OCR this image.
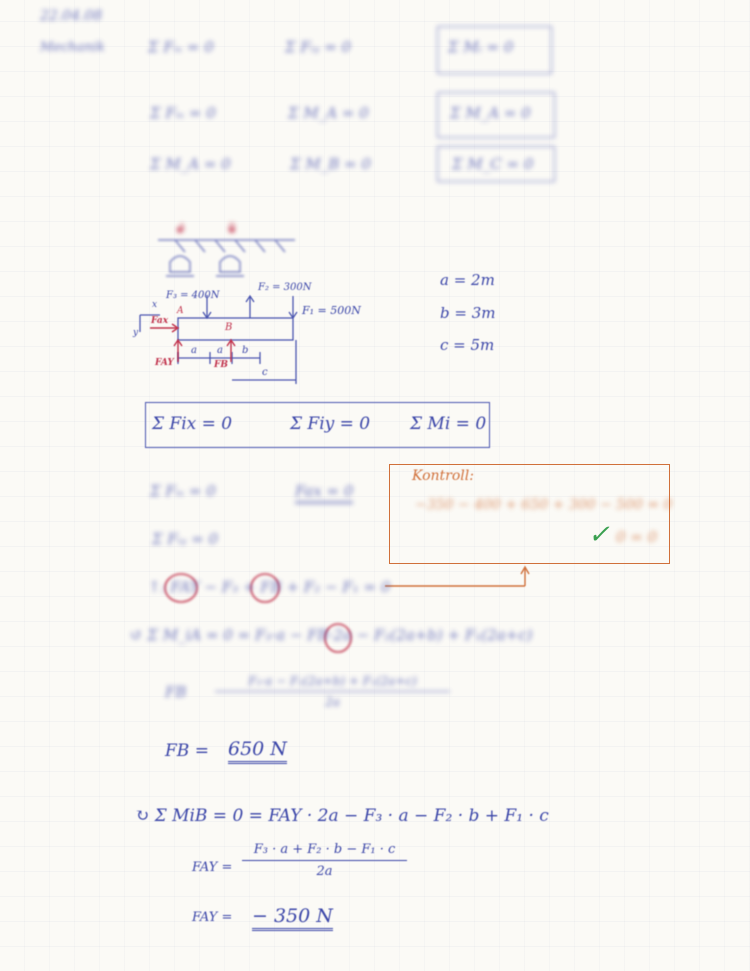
22.04.08
Mechanik	Σ Fᵢₓ = 0	Σ Fᵢᵧ = 0	Σ Mᵢ = 0
Σ Fᵢₓ = 0	Σ M_A = 0	Σ M_A = 0
Σ M_A = 0	Σ M_B = 0	Σ M_C = 0
F₃ = 400N
F₂ = 300N
F₁ = 500N
Fax
FAY	FB
A
B
A	B
a a b
c
x
y
a = 2m
b = 3m
c = 5m
Σ Fix = 0	Σ Fiy = 0 Σ Mi = 0
Σ Fᵢₓ = 0	Fax = 0
Σ Fᵢᵧ = 0
Kontroll:
−350 − 400 + 650 + 300 − 500 = 0
✓ 0 = 0
↑: FAY − F₃ + FB + F₂ − F₁ = 0
↺ Σ M_iA = 0 = F₃·a − FB·2a − F₂(2a+b) + F₁(2a+c)
FB
F₃·a − F₂(2a+b) + F₁(2a+c)
2a
FB = 650 N
↻ Σ MiB = 0 = FAY · 2a − F₃ · a − F₂ · b + F₁ · c
FAY =
F₃ · a + F₂ · b − F₁ · c
2a
FAY = − 350 N
